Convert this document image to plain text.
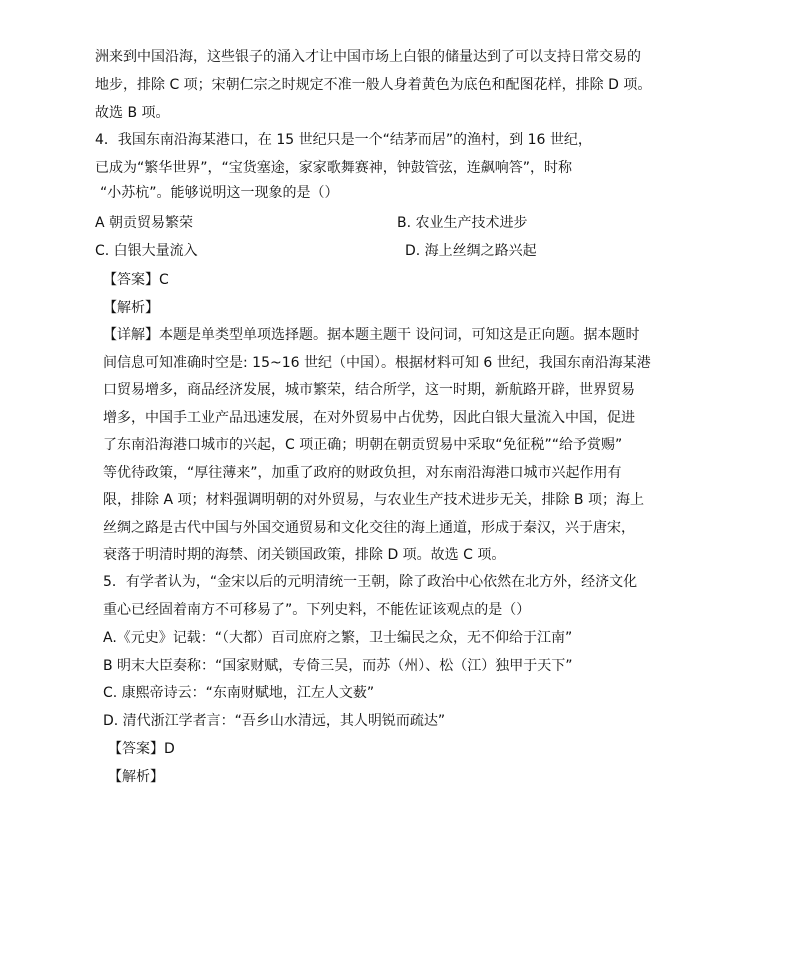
洲来到中国沿海，这些银子的涌入才让中国市场上白银的储量达到了可以支持日常交易的
地步，排除 C 项；宋朝仁宗之时规定不准一般人身着黄色为底色和配图花样，排除 D 项。
故选 B 项。
4．我国东南沿海某港口，在 15 世纪只是一个“结茅而居”的渔村，到 16 世纪，
已成为“繁华世界”，“宝货塞途，家家歌舞赛神，钟鼓管弦，连飙响答”，时称
“小苏杭”。能够说明这一现象的是（）
A 朝贡贸易繁荣	B. 农业生产技术进步
C. 白银大量流入	D. 海上丝绸之路兴起
【答案】C
【解析】
【详解】本题是单类型单项选择题。据本题主题干 设问词，可知这是正向题。据本题时
间信息可知准确时空是: 15~16 世纪（中国）。根据材料可知 6 世纪，我国东南沿海某港
口贸易增多，商品经济发展，城市繁荣，结合所学，这一时期，新航路开辟，世界贸易
增多，中国手工业产品迅速发展，在对外贸易中占优势，因此白银大量流入中国，促进
了东南沿海港口城市的兴起，C 项正确；明朝在朝贡贸易中采取“免征税”“给予赏赐”
等优待政策，“厚往薄来”，加重了政府的财政负担，对东南沿海港口城市兴起作用有
限，排除 A 项；材料强调明朝的对外贸易，与农业生产技术进步无关，排除 B 项；海上
丝绸之路是古代中国与外国交通贸易和文化交往的海上通道，形成于秦汉，兴于唐宋，
衰落于明清时期的海禁、闭关锁国政策，排除 D 项。故选 C 项。
5．有学者认为，“金宋以后的元明清统一王朝，除了政治中心依然在北方外，经济文化
重心已经固着南方不可移易了”。下列史料，不能佐证该观点的是（）
A.《元史》记载：“（大都）百司庶府之繁，卫士编民之众，无不仰给于江南”
B 明末大臣奏称：“国家财赋，专倚三吴，而苏（州）、松（江）独甲于天下”
C. 康熙帝诗云：“东南财赋地，江左人文薮”
D. 清代浙江学者言：“吾乡山水清远，其人明锐而疏达”
【答案】D
【解析】
